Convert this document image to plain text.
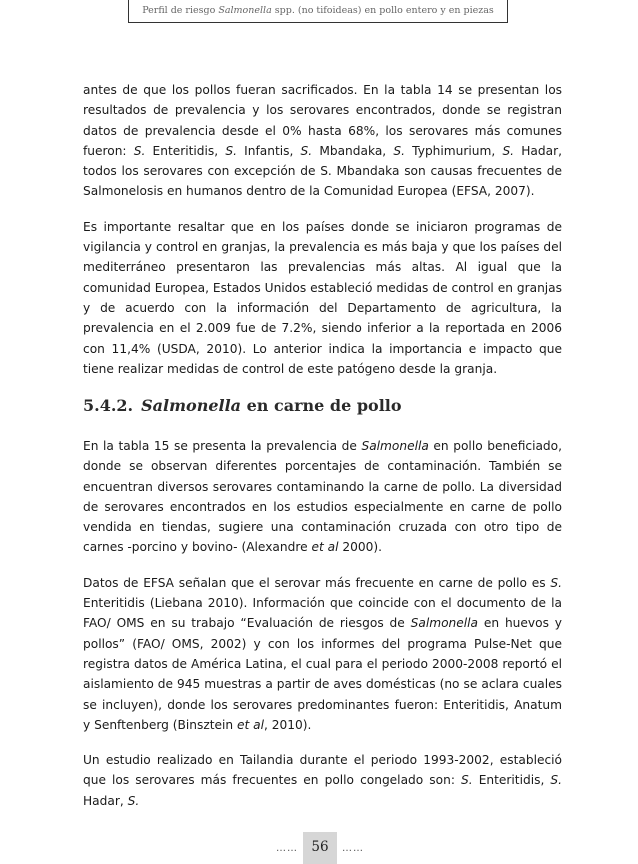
Perfil de riesgo Salmonella spp. (no tifoideas) en pollo entero y en piezas

antes de que los pollos fueran sacrificados. En la tabla 14 se presentan los resultados de prevalencia y los serovares encontrados, donde se registran datos de prevalencia desde el 0% hasta 68%, los serovares más comunes fueron: S. Enteritidis, S. Infantis, S. Mbandaka, S. Typhimurium, S. Hadar, todos los serovares con excepción de S. Mbandaka son causas frecuentes de Salmonelosis en humanos dentro de la Comunidad Europea (EFSA, 2007).

Es importante resaltar que en los países donde se iniciaron programas de vigilancia y control en granjas, la prevalencia es más baja y que los países del mediterráneo presentaron las prevalencias más altas. Al igual que la comunidad Europea, Estados Unidos estableció medidas de control en granjas y de acuerdo con la información del Departamento de agricultura, la prevalencia en el 2.009 fue de 7.2%, siendo inferior a la reportada en 2006 con 11,4% (USDA, 2010). Lo anterior indica la importancia e impacto que tiene realizar medidas de control de este patógeno desde la granja.

5.4.2. Salmonella en carne de pollo

En la tabla 15 se presenta la prevalencia de Salmonella en pollo beneficiado, donde se observan diferentes porcentajes de contaminación. También se encuentran diversos serovares contaminando la carne de pollo. La diversidad de serovares encontrados en los estudios especialmente en carne de pollo vendida en tiendas, sugiere una contaminación cruzada con otro tipo de carnes -porcino y bovino- (Alexandre et al 2000).

Datos de EFSA señalan que el serovar más frecuente en carne de pollo es S. Enteritidis (Liebana 2010). Información que coincide con el documento de la FAO/ OMS en su trabajo “Evaluación de riesgos de Salmonella en huevos y pollos” (FAO/ OMS, 2002) y con los informes del programa Pulse-Net que registra datos de América Latina, el cual para el periodo 2000-2008 reportó el aislamiento de 945 muestras a partir de aves domésticas (no se aclara cuales se incluyen), donde los serovares predominantes fueron: Enteritidis, Anatum y Senftenberg (Binsztein et al, 2010).

Un estudio realizado en Tailandia durante el periodo 1993-2002, estableció que los serovares más frecuentes en pollo congelado son: S. Enteritidis, S. Hadar, S.

…… 56	……
